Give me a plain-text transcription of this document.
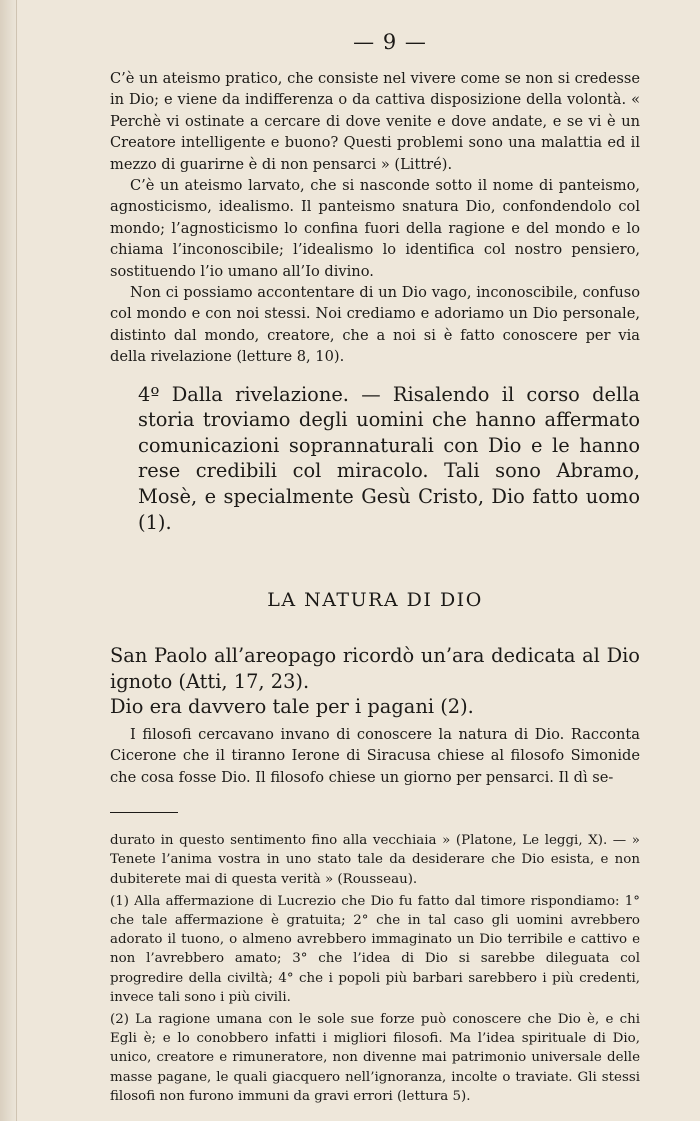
— 9 —

C’è un ateismo pratico, che consiste nel vivere come se non si credesse in Dio; e viene da indifferenza o da cattiva disposizione della volontà. « Perchè vi ostinate a cercare di dove venite e dove andate, e se vi è un Creatore intelligente e buono? Questi problemi sono una malattia ed il mezzo di guarirne è di non pensarci » (Littré).

C’è un ateismo larvato, che si nasconde sotto il nome di panteismo, agnosticismo, idealismo. Il panteismo snatura Dio, confondendolo col mondo; l’agnosticismo lo confina fuori della ragione e del mondo e lo chiama l’inconoscibile; l’idealismo lo identifica col nostro pensiero, sostituendo l’io umano all’Io divino.

Non ci possiamo accontentare di un Dio vago, inconoscibile, confuso col mondo e con noi stessi. Noi crediamo e adoriamo un Dio personale, distinto dal mondo, creatore, che a noi si è fatto conoscere per via della rivelazione (letture 8, 10).

4º Dalla rivelazione. — Risalendo il corso della storia troviamo degli uomini che hanno affermato comunicazioni soprannaturali con Dio e le hanno rese credibili col miracolo. Tali sono Abramo, Mosè, e specialmente Gesù Cristo, Dio fatto uomo (1).

LA NATURA DI DIO

San Paolo all’areopago ricordò un’ara dedicata al Dio ignoto (Atti, 17, 23).

Dio era davvero tale per i pagani (2).

I filosofi cercavano invano di conoscere la natura di Dio. Racconta Cicerone che il tiranno Ierone di Siracusa chiese al filosofo Simonide che cosa fosse Dio. Il filosofo chiese un giorno per pensarci. Il dì se-

durato in questo sentimento fino alla vecchiaia » (Platone, Le leggi, X). — » Tenete l’anima vostra in uno stato tale da desiderare che Dio esista, e non dubiterete mai di questa verità » (Rousseau).

(1) Alla affermazione di Lucrezio che Dio fu fatto dal timore rispondiamo: 1° che tale affermazione è gratuita; 2° che in tal caso gli uomini avrebbero adorato il tuono, o almeno avrebbero immaginato un Dio terribile e cattivo e non l’avrebbero amato; 3° che l’idea di Dio si sarebbe dileguata col progredire della civiltà; 4° che i popoli più barbari sarebbero i più credenti, invece tali sono i più civili.

(2) La ragione umana con le sole sue forze può conoscere che Dio è, e chi Egli è; e lo conobbero infatti i migliori filosofi. Ma l’idea spirituale di Dio, unico, creatore e rimuneratore, non divenne mai patrimonio universale delle masse pagane, le quali giacquero nell’ignoranza, incolte o traviate. Gli stessi filosofi non furono immuni da gravi errori (lettura 5).
